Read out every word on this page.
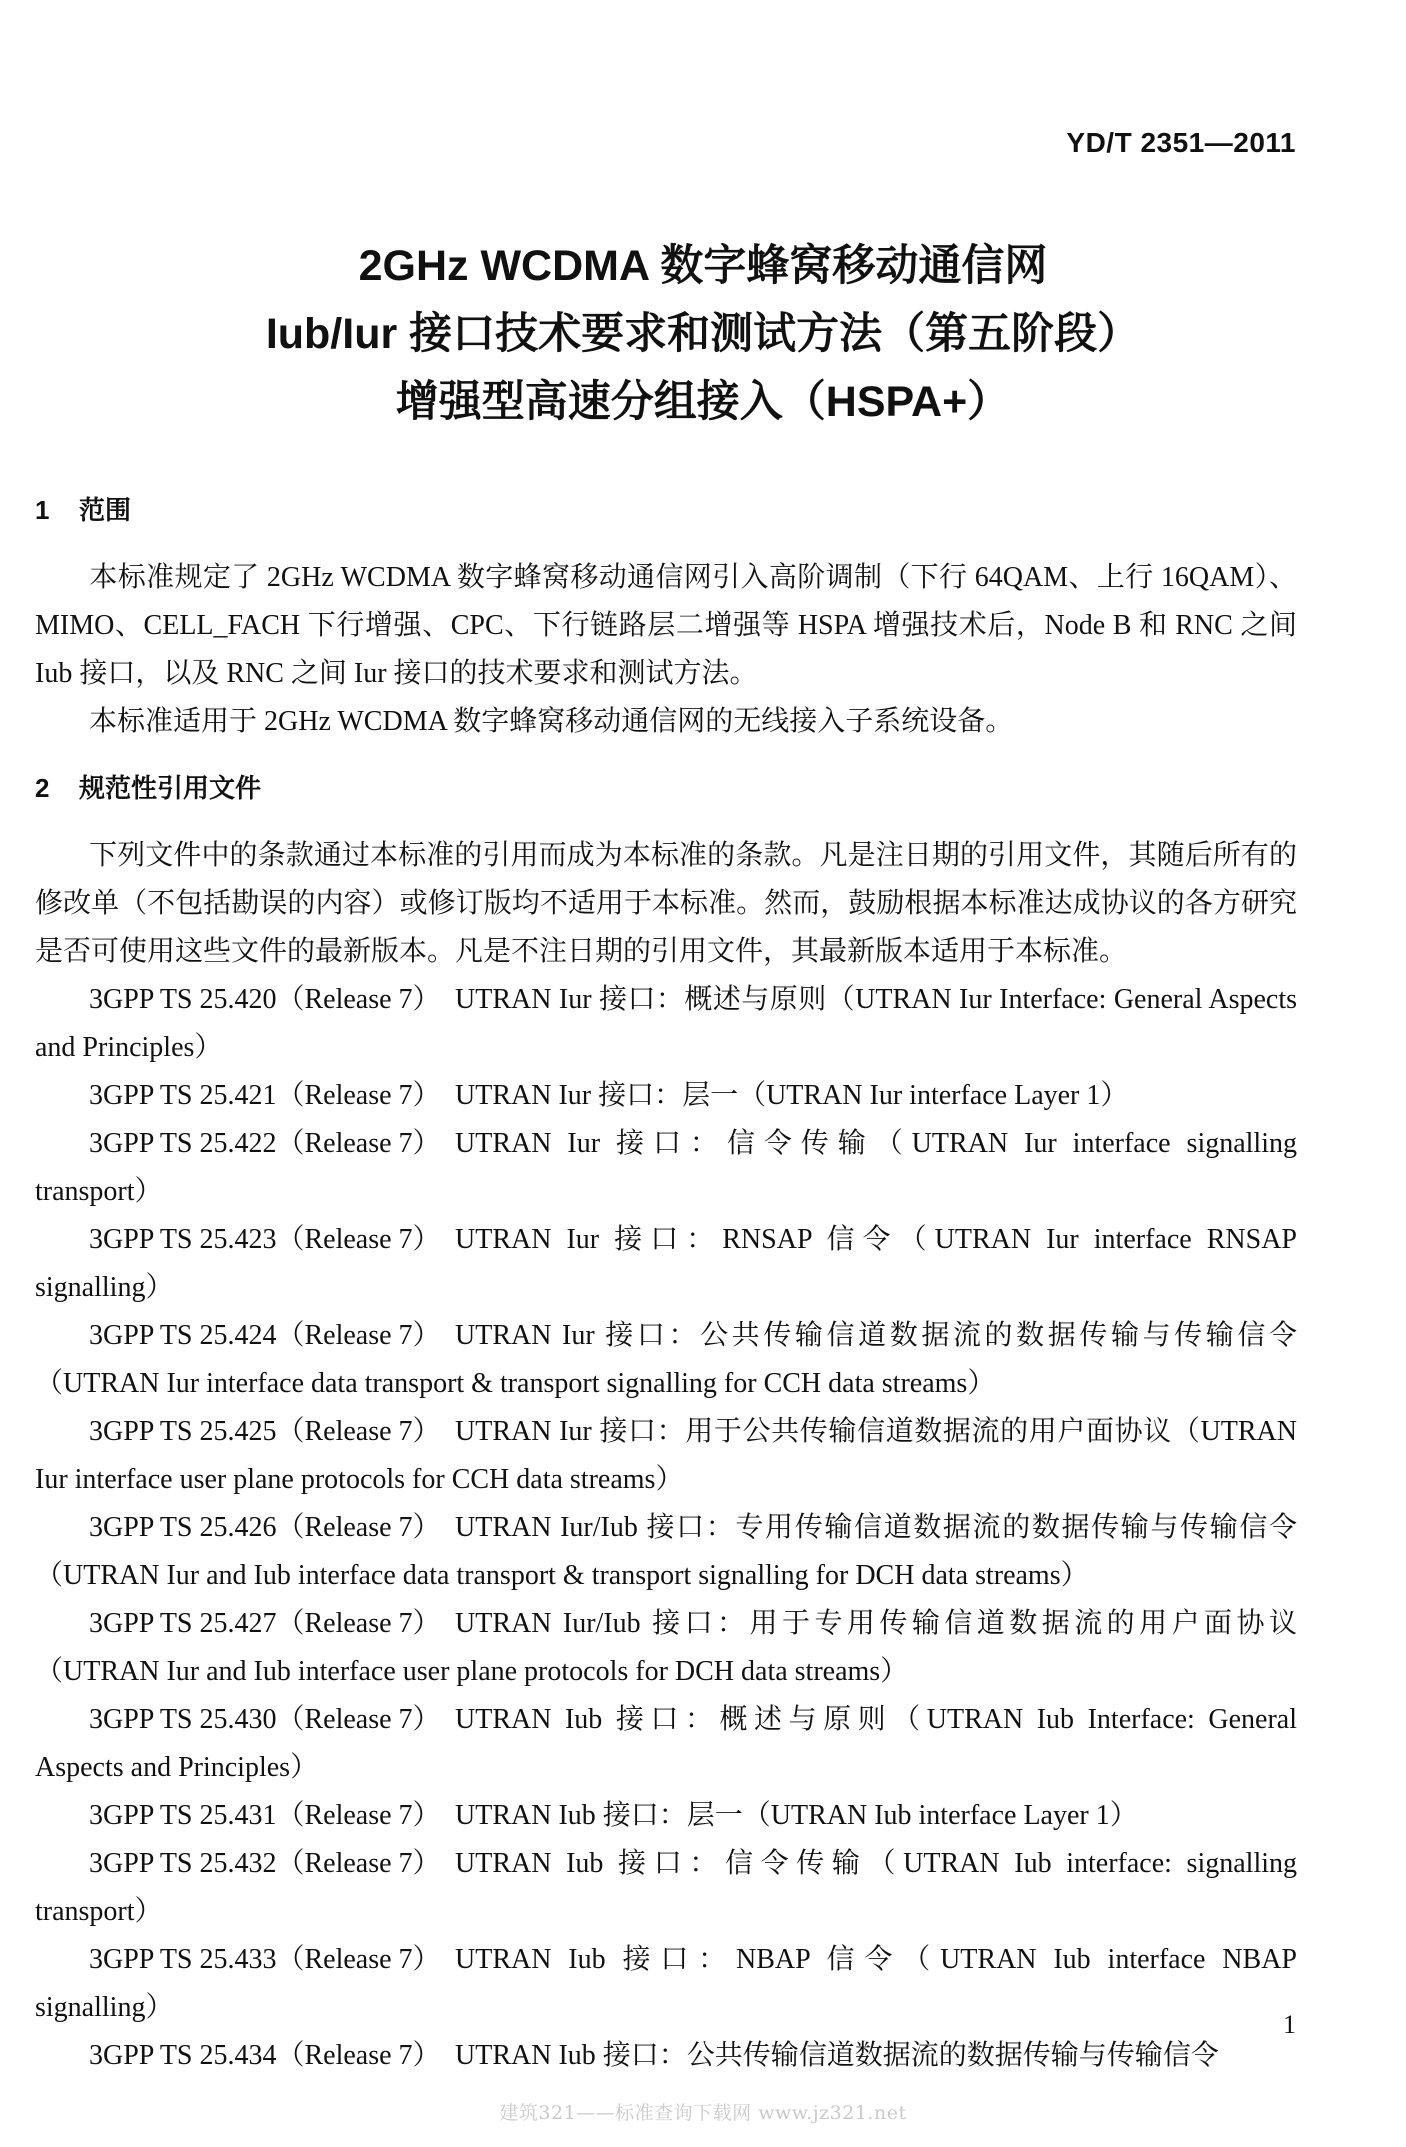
YD/T 2351—2011
2GHz WCDMA 数字蜂窝移动通信网
Iub/Iur 接口技术要求和测试方法（第五阶段）
增强型高速分组接入（HSPA+）
1 范围
本标准规定了 2GHz WCDMA 数字蜂窝移动通信网引入高阶调制（下行 64QAM、上行 16QAM）、MIMO、CELL_FACH 下行增强、CPC、下行链路层二增强等 HSPA 增强技术后，Node B 和 RNC 之间 Iub 接口，以及 RNC 之间 Iur 接口的技术要求和测试方法。
本标准适用于 2GHz WCDMA 数字蜂窝移动通信网的无线接入子系统设备。
2 规范性引用文件
下列文件中的条款通过本标准的引用而成为本标准的条款。凡是注日期的引用文件，其随后所有的修改单（不包括勘误的内容）或修订版均不适用于本标准。然而，鼓励根据本标准达成协议的各方研究是否可使用这些文件的最新版本。凡是不注日期的引用文件，其最新版本适用于本标准。
3GPP TS 25.420（Release 7） UTRAN Iur 接口：概述与原则（UTRAN Iur Interface: General Aspects and Principles）
3GPP TS 25.421（Release 7） UTRAN Iur 接口：层一（UTRAN Iur interface Layer 1）
3GPP TS 25.422（Release 7） UTRAN Iur 接口：信令传输（UTRAN Iur interface signalling transport）
3GPP TS 25.423（Release 7） UTRAN Iur 接口：RNSAP 信令（UTRAN Iur interface RNSAP signalling）
3GPP TS 25.424（Release 7） UTRAN Iur 接口：公共传输信道数据流的数据传输与传输信令（UTRAN Iur interface data transport & transport signalling for CCH data streams）
3GPP TS 25.425（Release 7） UTRAN Iur 接口：用于公共传输信道数据流的用户面协议（UTRAN Iur interface user plane protocols for CCH data streams）
3GPP TS 25.426（Release 7） UTRAN Iur/Iub 接口：专用传输信道数据流的数据传输与传输信令（UTRAN Iur and Iub interface data transport & transport signalling for DCH data streams）
3GPP TS 25.427（Release 7） UTRAN Iur/Iub 接口：用于专用传输信道数据流的用户面协议（UTRAN Iur and Iub interface user plane protocols for DCH data streams）
3GPP TS 25.430（Release 7） UTRAN Iub 接口：概述与原则（UTRAN Iub Interface: General Aspects and Principles）
3GPP TS 25.431（Release 7） UTRAN Iub 接口：层一（UTRAN Iub interface Layer 1）
3GPP TS 25.432（Release 7） UTRAN Iub 接口：信令传输（UTRAN Iub interface: signalling transport）
3GPP TS 25.433（Release 7） UTRAN Iub 接口：NBAP 信令（UTRAN Iub interface NBAP signalling）
3GPP TS 25.434（Release 7） UTRAN Iub 接口：公共传输信道数据流的数据传输与传输信令
1
建筑321——标准查询下载网 www.jz321.net
